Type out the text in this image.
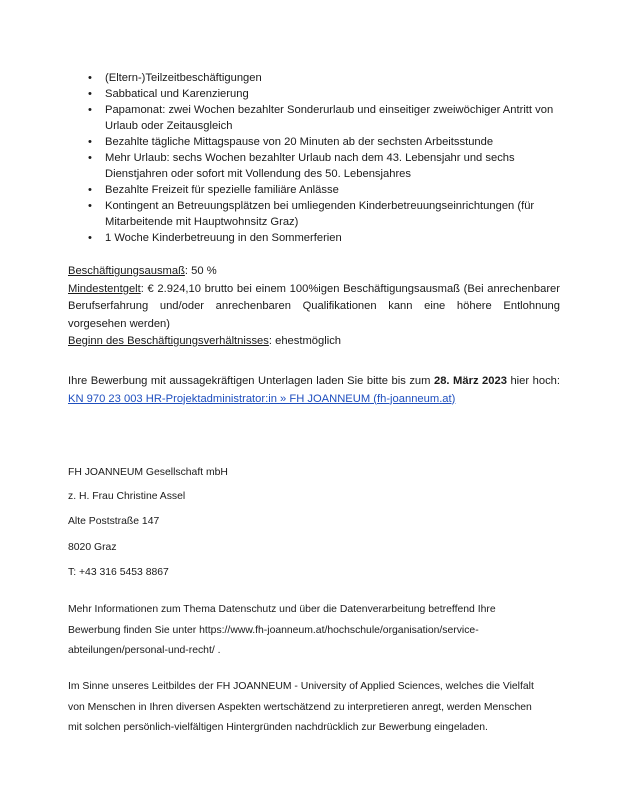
• (Eltern-)Teilzeitbeschäftigungen
• Sabbatical und Karenzierung
• Papamonat: zwei Wochen bezahlter Sonderurlaub und einseitiger zweiwöchiger Antritt von Urlaub oder Zeitausgleich
• Bezahlte tägliche Mittagspause von 20 Minuten ab der sechsten Arbeitsstunde
• Mehr Urlaub: sechs Wochen bezahlter Urlaub nach dem 43. Lebensjahr und sechs Dienstjahren oder sofort mit Vollendung des 50. Lebensjahres
• Bezahlte Freizeit für spezielle familiäre Anlässe
• Kontingent an Betreuungsplätzen bei umliegenden Kinderbetreuungseinrichtungen (für Mitarbeitende mit Hauptwohnsitz Graz)
• 1 Woche Kinderbetreuung in den Sommerferien
Beschäftigungsausmaß: 50 %
Mindestentgelt: € 2.924,10 brutto bei einem 100%igen Beschäftigungsausmaß (Bei anrechenbarer Berufserfahrung und/oder anrechenbaren Qualifikationen kann eine höhere Entlohnung vorgesehen werden)
Beginn des Beschäftigungsverhältnisses: ehestmöglich
Ihre Bewerbung mit aussagekräftigen Unterlagen laden Sie bitte bis zum 28. März 2023 hier hoch: KN 970 23 003 HR-Projektadministrator:in » FH JOANNEUM (fh-joanneum.at)
FH JOANNEUM Gesellschaft mbH
z. H. Frau Christine Assel
Alte Poststraße 147
8020 Graz
T: +43 316 5453 8867
Mehr Informationen zum Thema Datenschutz und über die Datenverarbeitung betreffend Ihre Bewerbung finden Sie unter https://www.fh-joanneum.at/hochschule/organisation/service-abteilungen/personal-und-recht/ .
Im Sinne unseres Leitbildes der FH JOANNEUM - University of Applied Sciences, welches die Vielfalt von Menschen in Ihren diversen Aspekten wertschätzend zu interpretieren anregt, werden Menschen mit solchen persönlich-vielfältigen Hintergründen nachdrücklich zur Bewerbung eingeladen.
